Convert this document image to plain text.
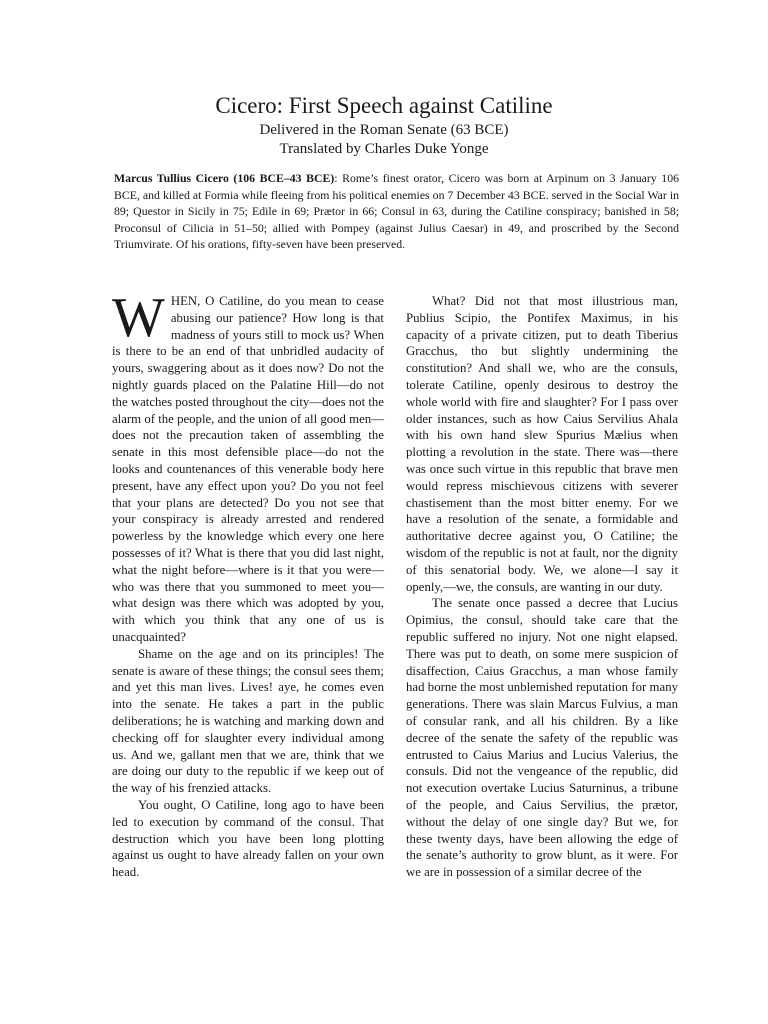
Cicero: First Speech against Catiline
Delivered in the Roman Senate (63 BCE)
Translated by Charles Duke Yonge

Marcus Tullius Cicero (106 BCE–43 BCE): Rome’s finest orator, Cicero was born at Arpinum on 3 January 106 BCE, and killed at Formia while fleeing from his political enemies on 7 December 43 BCE. served in the Social War in 89; Questor in Sicily in 75; Edile in 69; Prætor in 66; Consul in 63, during the Catiline conspiracy; banished in 58; Proconsul of Cilicia in 51–50; allied with Pompey (against Julius Caesar) in 49, and proscribed by the Second Triumvirate. Of his orations, fifty-seven have been preserved.

WHEN, O Catiline, do you mean to cease abusing our patience? How long is that madness of yours still to mock us? When is there to be an end of that unbridled audacity of yours, swaggering about as it does now? Do not the nightly guards placed on the Palatine Hill—do not the watches posted throughout the city—does not the alarm of the people, and the union of all good men—does not the precaution taken of assembling the senate in this most defensible place—do not the looks and countenances of this venerable body here present, have any effect upon you? Do you not feel that your plans are detected? Do you not see that your conspiracy is already arrested and rendered powerless by the knowledge which every one here possesses of it? What is there that you did last night, what the night before—where is it that you were—who was there that you summoned to meet you—what design was there which was adopted by you, with which you think that any one of us is unacquainted?

Shame on the age and on its principles! The senate is aware of these things; the consul sees them; and yet this man lives. Lives! aye, he comes even into the senate. He takes a part in the public deliberations; he is watching and marking down and checking off for slaughter every individual among us. And we, gallant men that we are, think that we are doing our duty to the republic if we keep out of the way of his frenzied attacks.

You ought, O Catiline, long ago to have been led to execution by command of the consul. That destruction which you have been long plotting against us ought to have already fallen on your own head.

What? Did not that most illustrious man, Publius Scipio, the Pontifex Maximus, in his capacity of a private citizen, put to death Tiberius Gracchus, tho but slightly undermining the constitution? And shall we, who are the consuls, tolerate Catiline, openly desirous to destroy the whole world with fire and slaughter? For I pass over older instances, such as how Caius Servilius Ahala with his own hand slew Spurius Mælius when plotting a revolution in the state. There was—there was once such virtue in this republic that brave men would repress mischievous citizens with severer chastisement than the most bitter enemy. For we have a resolution of the senate, a formidable and authoritative decree against you, O Catiline; the wisdom of the republic is not at fault, nor the dignity of this senatorial body. We, we alone—I say it openly,—we, the consuls, are wanting in our duty.

The senate once passed a decree that Lucius Opimius, the consul, should take care that the republic suffered no injury. Not one night elapsed. There was put to death, on some mere suspicion of disaffection, Caius Gracchus, a man whose family had borne the most unblemished reputation for many generations. There was slain Marcus Fulvius, a man of consular rank, and all his children. By a like decree of the senate the safety of the republic was entrusted to Caius Marius and Lucius Valerius, the consuls. Did not the vengeance of the republic, did not execution overtake Lucius Saturninus, a tribune of the people, and Caius Servilius, the prætor, without the delay of one single day? But we, for these twenty days, have been allowing the edge of the senate’s authority to grow blunt, as it were. For we are in possession of a similar decree of the
